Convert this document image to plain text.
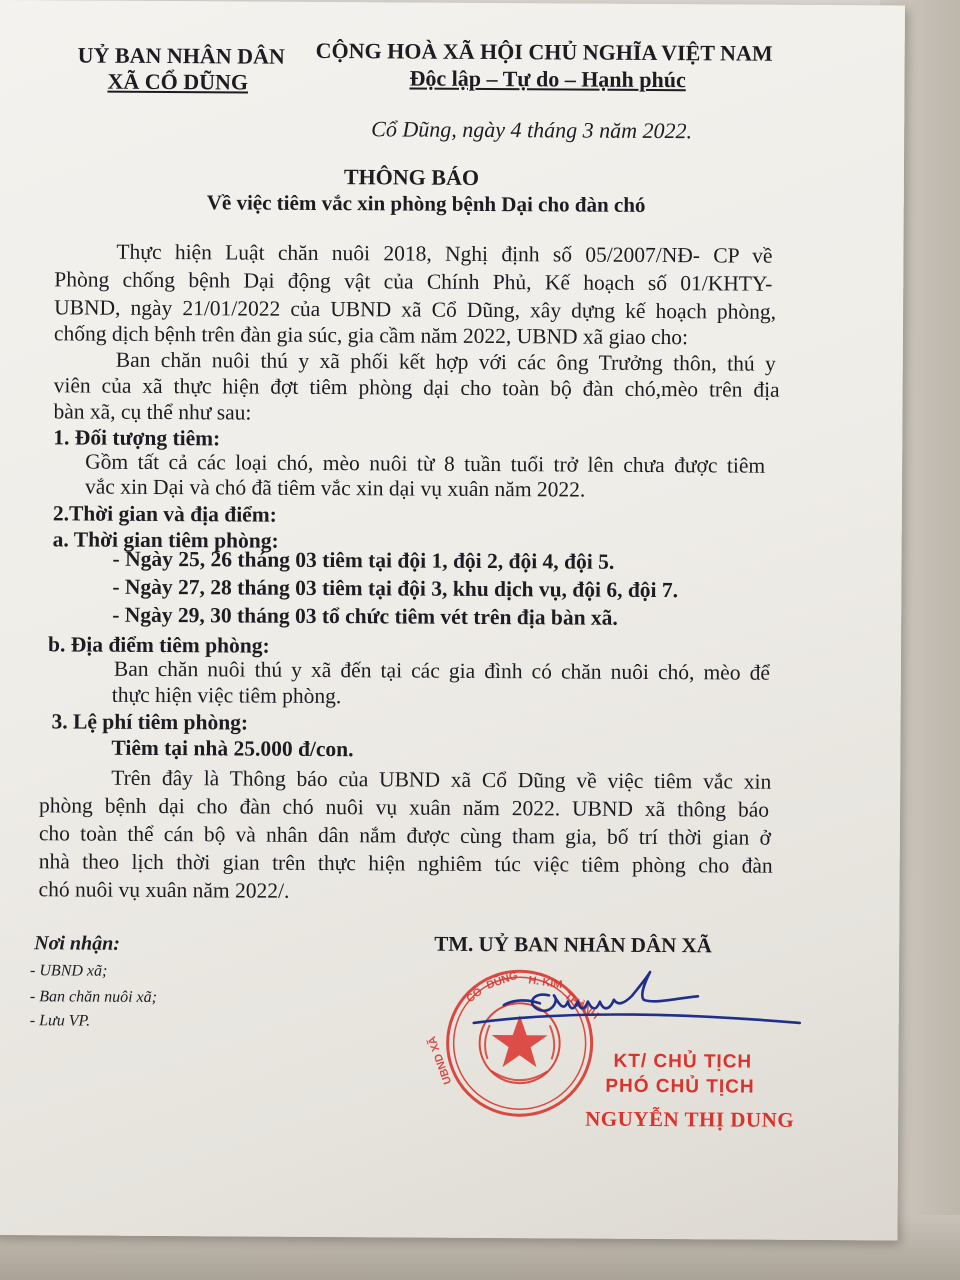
UỶ BAN NHÂN DÂN
XÃ CỔ DŨNG
CỘNG HOÀ XÃ HỘI CHỦ NGHĨA VIỆT NAM
Độc lập – Tự do – Hạnh phúc
Cổ Dũng, ngày 4 tháng 3 năm 2022.
THÔNG BÁO
Về việc tiêm vắc xin phòng bệnh Dại cho đàn chó
Thực hiện Luật chăn nuôi 2018, Nghị định số 05/2007/NĐ- CP về
Phòng chống bệnh Dại động vật của Chính Phủ, Kế hoạch số 01/KHTY-
UBND, ngày 21/01/2022 của UBND xã Cổ Dũng, xây dựng kế hoạch phòng,
chống dịch bệnh trên đàn gia súc, gia cầm năm 2022, UBND xã giao cho:
Ban chăn nuôi thú y xã phối kết hợp với các ông Trưởng thôn, thú y
viên của xã thực hiện đợt tiêm phòng dại cho toàn bộ đàn chó,mèo trên địa
bàn xã, cụ thể như sau:
1. Đối tượng tiêm:
Gồm tất cả các loại chó, mèo nuôi từ 8 tuần tuổi trở lên chưa được tiêm
vắc xin Dại và chó đã tiêm vắc xin dại vụ xuân năm 2022.
2.Thời gian và địa điểm:
a. Thời gian tiêm phòng:
- Ngày 25, 26 tháng 03 tiêm tại đội 1, đội 2, đội 4, đội 5.
- Ngày 27, 28 tháng 03 tiêm tại đội 3, khu dịch vụ, đội 6, đội 7.
- Ngày 29, 30 tháng 03 tổ chức tiêm vét trên địa bàn xã.
b. Địa điểm tiêm phòng:
Ban chăn nuôi thú y xã đến tại các gia đình có chăn nuôi chó, mèo để
thực hiện việc tiêm phòng.
3. Lệ phí tiêm phòng:
Tiêm tại nhà 25.000 đ/con.
Trên đây là Thông báo của UBND xã Cổ Dũng về việc tiêm vắc xin
phòng bệnh dại cho đàn chó nuôi vụ xuân năm 2022. UBND xã thông báo
cho toàn thể cán bộ và nhân dân nắm được cùng tham gia, bố trí thời gian ở
nhà theo lịch thời gian trên thực hiện nghiêm túc việc tiêm phòng cho đàn
chó nuôi vụ xuân năm 2022/.
Nơi nhận:
- UBND xã;
- Ban chăn nuôi xã;
- Lưu VP.
TM. UỶ BAN NHÂN DÂN XÃ
CỔ
DŨNG H. KIM
THÀNH
UBND XÃ	KT/ CHỦ TỊCH
PHÓ CHỦ TỊCH
NGUYỄN THỊ DUNG
